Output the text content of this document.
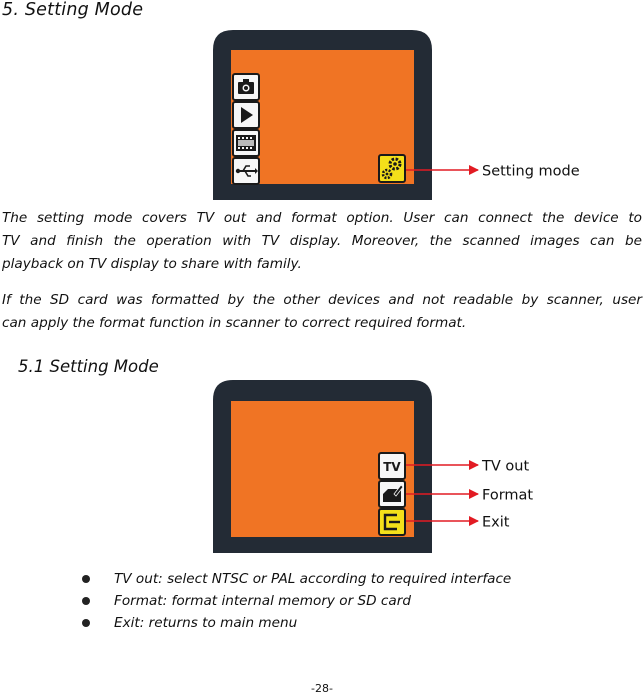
5. Setting Mode
Setting mode
The setting mode covers TV out and format option. User can connect the device to
TV and finish the operation with TV display. Moreover, the scanned images can be
playback on TV display to share with family.
If the SD card was formatted by the other devices and not readable by scanner, user
can apply the format function in scanner to correct required format.
5.1 Setting Mode
TV	TV out
Format
Exit
TV out: select NTSC or PAL according to required interface
Format: format internal memory or SD card
Exit: returns to main menu
-28-
